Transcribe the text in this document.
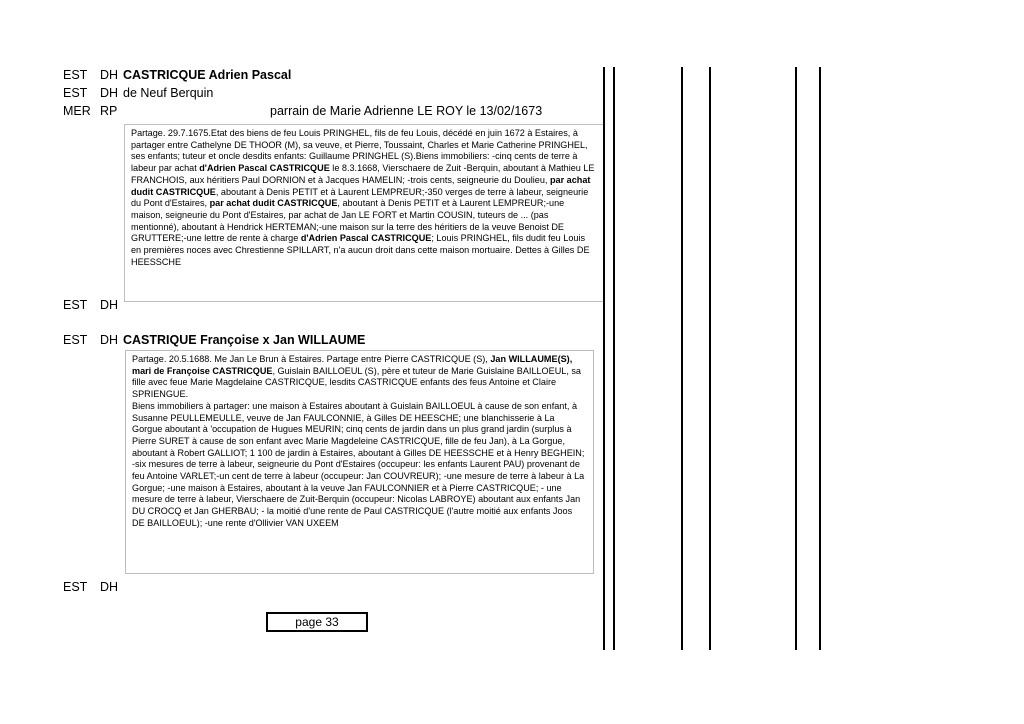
EST DH CASTRICQUE Adrien Pascal
EST DH de Neuf Berquin
MER RP	parrain de Marie Adrienne LE ROY le 13/02/1673
Partage. 29.7.1675.Etat des biens de feu Louis PRINGHEL, fils de feu Louis, décédé en juin 1672 à Estaires, à partager entre Cathelyne DE THOOR (M), sa veuve, et Pierre, Toussaint, Charles et Marie Catherine PRINGHEL, ses enfants; tuteur et oncle desdits enfants: Guillaume PRINGHEL (S).Biens immobiliers: -cinq cents de terre à labeur par achat d'Adrien Pascal CASTRICQUE le 8.3.1668, Vierschaere de Zuit -Berquin, aboutant à Mathieu LE FRANCHOIS, aux héritiers Paul DORNION et à Jacques HAMELIN; -trois cents, seigneurie du Doulieu, par achat dudit CASTRICQUE, aboutant à Denis PETIT et à Laurent LEMPREUR;-350 verges de terre à labeur, seigneurie du Pont d'Estaires, par achat dudit CASTRICQUE, aboutant à Denis PETIT et à Laurent LEMPREUR;-une maison, seigneurie du Pont d'Estaires, par achat de Jan LE FORT et Martin COUSIN, tuteurs de ... (pas mentionné), aboutant à Hendrick HERTEMAN;-une maison sur la terre des héritiers de la veuve Benoist DE GRUTTERE;-une lettre de rente à charge d'Adrien Pascal CASTRICQUE; Louis PRINGHEL, fils dudit feu Louis en premières noces avec Chrestienne SPILLART, n'a aucun droit dans cette maison mortuaire. Dettes à Gilles DE HEESSCHE
EST DH
EST DH CASTRIQUE Françoise x Jan WILLAUME
Partage. 20.5.1688. Me Jan Le Brun à Estaires. Partage entre Pierre CASTRICQUE (S), Jan WILLAUME(S), mari de Françoise CASTRICQUE, Guislain BAILLOEUL (S), père et tuteur de Marie Guislaine BAILLOEUL, sa fille avec feue Marie Magdelaine CASTRICQUE, lesdits CASTRICQUE enfants des feus Antoine et Claire SPRIENGUE.
Biens immobiliers à partager: une maison à Estaires aboutant à Guislain BAILLOEUL à cause de son enfant, à Susanne PEULLEMEULLE, veuve de Jan FAULCONNIE, à Gilles DE HEESCHE; une blanchisserie à La Gorgue aboutant à 'occupation de Hugues MEURIN; cinq cents de jardin dans un plus grand jardin (surplus à Pierre SURET à cause de son enfant avec Marie Magdeleine CASTRICQUE, fille de feu Jan), à La Gorgue, aboutant à Robert GALLIOT; 1 100 de jardin à Estaires, aboutant à Gilles DE HEESSCHE et à Henry BEGHEIN; -six mesures de terre à labeur, seigneurie du Pont d'Estaires (occupeur: les enfants Laurent PAU) provenant de feu Antoine VARLET;-un cent de terre à labeur (occupeur: Jan COUVREUR); -une mesure de terre à labeur à La Gorgue; -une maison à Estaires, aboutant à la veuve Jan FAULCONNIER et à Pierre CASTRICQUE; - une mesure de terre à labeur, Vierschaere de Zuit-Berquin (occupeur: Nicolas LABROYE) aboutant aux enfants Jan DU CROCQ et Jan GHERBAU; - la moitié d'une rente de Paul CASTRICQUE (l'autre moitié aux enfants Joos DE BAILLOEUL); -une rente d'Ollivier VAN UXEEM
EST DH
page 33
